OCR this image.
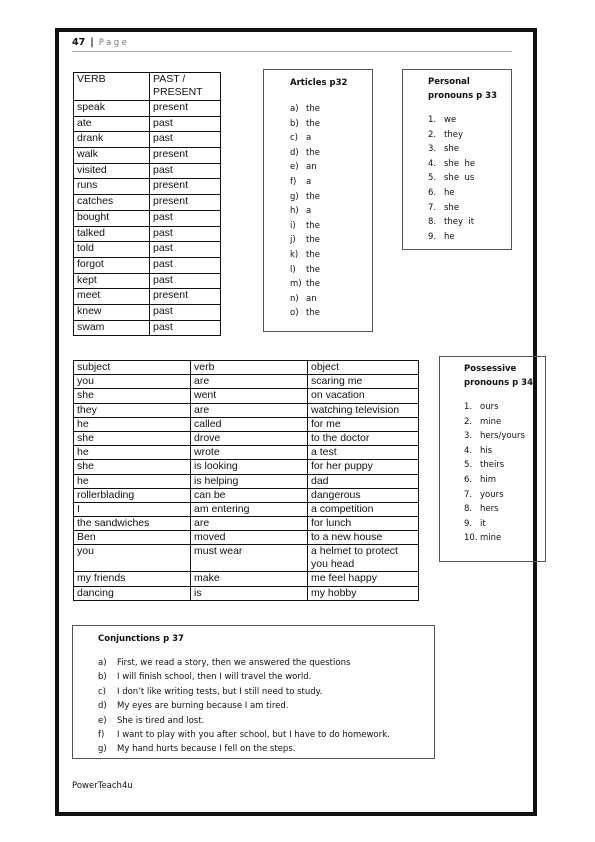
47 | Page
VERB	PAST / PRESENT
speak	present
ate	past
drank	past
walk	present
visited	past
runs	present
catches	present
bought	past
talked	past
told	past
forgot	past
kept	past
meet	present
knew	past
swam	past
Articles p32
a) the
b) the
c) a
d) the
e) an
f)	a
g) the
h) a
i)	the
j)	the
k) the
l)	the
m) the
n) an
o) the
Personal pronouns p 33
1. we
2. they
3. she
4. she  he
5. she  us
6. he
7. she
8. they  it
9. he
subject	verb	object
you	are	scaring me
she	went	on vacation
they	are	watching television
he	called	for me
she	drove	to the doctor
he	wrote	a test
she	is looking	for her puppy
he	is helping	dad
rollerblading	can be	dangerous
I	am entering	a competition
the sandwiches	are	for lunch
Ben	moved	to a new house
you	must wear	a helmet to protect you head
my friends	make	me feel happy
dancing	is	my hobby
Possessive pronouns p 34
1. ours
2. mine
3. hers/yours
4. his
5. theirs
6. him
7. yours
8. hers
9. it
10. mine
Conjunctions p 37
a)	First, we read a story, then we answered the questions
b)	I will finish school, then I will travel the world.
c)	I don’t like writing tests, but I still need to study.
d)	My eyes are burning because I am tired.
e)	She is tired and lost.
f)	I want to play with you after school, but I have to do homework.
g)	My hand hurts because I fell on the steps.
PowerTeach4u
